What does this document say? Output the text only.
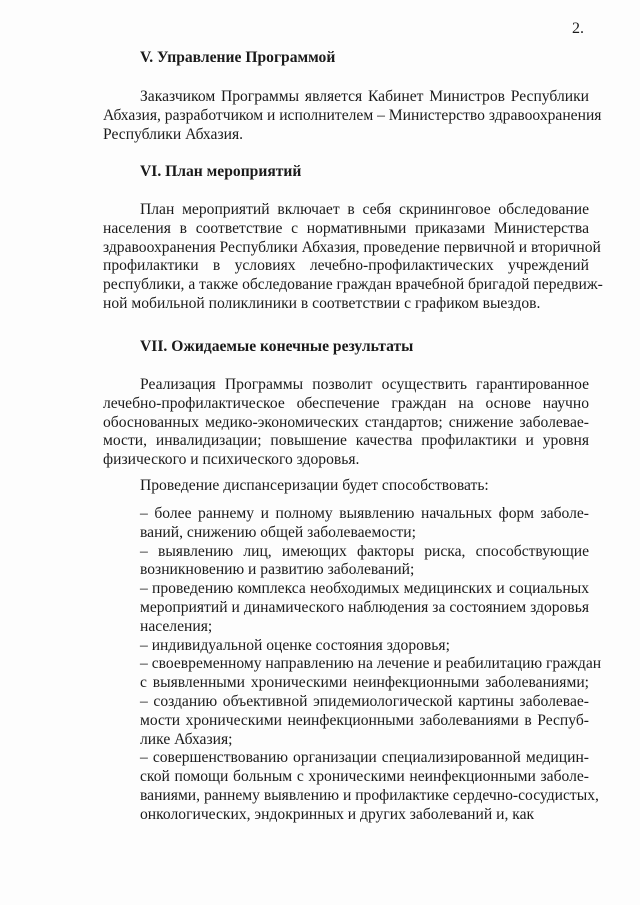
2.
V. Управление Программой
Заказчиком Программы является Кабинет Министров Республики
Абхазия, разработчиком и исполнителем – Министерство здравоохранения
Республики Абхазия.
VI. План мероприятий
План мероприятий включает в себя скрининговое обследование
населения в соответствие с нормативными приказами Министерства
здравоохранения Республики Абхазия, проведение первичной и вторичной
профилактики в условиях лечебно-профилактических учреждений
республики, а также обследование граждан врачебной бригадой передвиж-
ной мобильной поликлиники в соответствии с графиком выездов.
VII. Ожидаемые конечные результаты
Реализация Программы позволит осуществить гарантированное
лечебно-профилактическое обеспечение граждан на основе научно
обоснованных медико-экономических стандартов; снижение заболевае-
мости, инвалидизации; повышение качества профилактики и уровня
физического и психического здоровья.
Проведение диспансеризации будет способствовать:
– более раннему и полному выявлению начальных форм заболе-
ваний, снижению общей заболеваемости;
– выявлению лиц, имеющих факторы риска, способствующие
возникновению и развитию заболеваний;
– проведению комплекса необходимых медицинских и социальных
мероприятий и динамического наблюдения за состоянием здоровья
населения;
– индивидуальной оценке состояния здоровья;
– своевременному направлению на лечение и реабилитацию граждан
с выявленными хроническими неинфекционными заболеваниями;
– созданию объективной эпидемиологической картины заболевае-
мости хроническими неинфекционными заболеваниями в Респуб-
лике Абхазия;
– совершенствованию организации специализированной медицин-
ской помощи больным с хроническими неинфекционными заболе-
ваниями, раннему выявлению и профилактике сердечно-сосудистых,
онкологических, эндокринных и других заболеваний и, как
